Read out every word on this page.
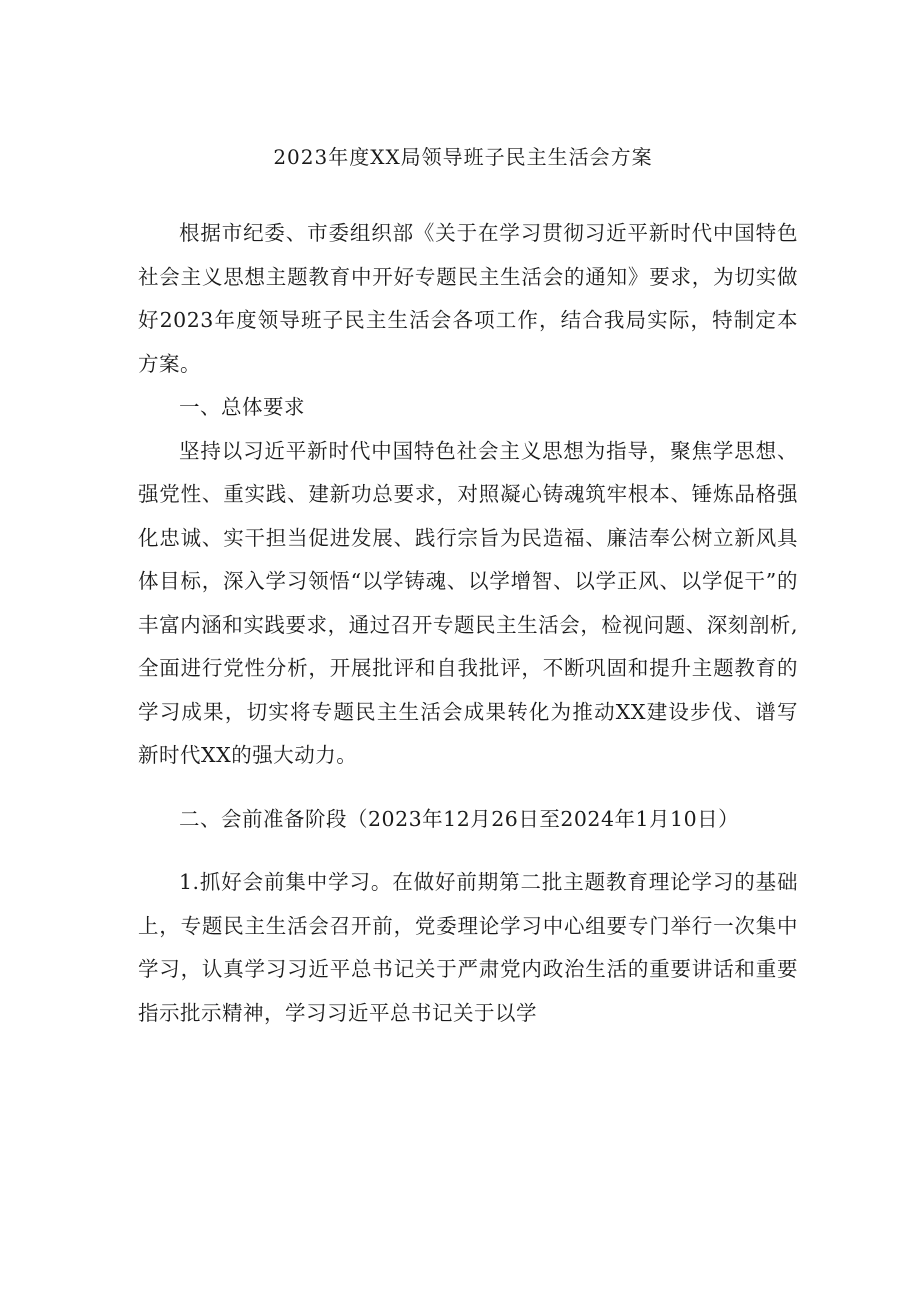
2023年度XX局领导班子民主生活会方案

根据市纪委、市委组织部《关于在学习贯彻习近平新时代中国特色社会主义思想主题教育中开好专题民主生活会的通知》要求，为切实做好2023年度领导班子民主生活会各项工作，结合我局实际，特制定本方案。

一、总体要求

坚持以习近平新时代中国特色社会主义思想为指导，聚焦学思想、强党性、重实践、建新功总要求，对照凝心铸魂筑牢根本、锤炼品格强化忠诚、实干担当促进发展、践行宗旨为民造福、廉洁奉公树立新风具体目标，深入学习领悟“以学铸魂、以学增智、以学正风、以学促干”的丰富内涵和实践要求，通过召开专题民主生活会，检视问题、深刻剖析,全面进行党性分析，开展批评和自我批评，不断巩固和提升主题教育的学习成果，切实将专题民主生活会成果转化为推动XX建设步伐、谱写新时代XX的强大动力。

二、会前准备阶段（2023年12月26日至2024年1月10日）

1.抓好会前集中学习。在做好前期第二批主题教育理论学习的基础上，专题民主生活会召开前，党委理论学习中心组要专门举行一次集中学习，认真学习习近平总书记关于严肃党内政治生活的重要讲话和重要指示批示精神，学习习近平总书记关于以学
